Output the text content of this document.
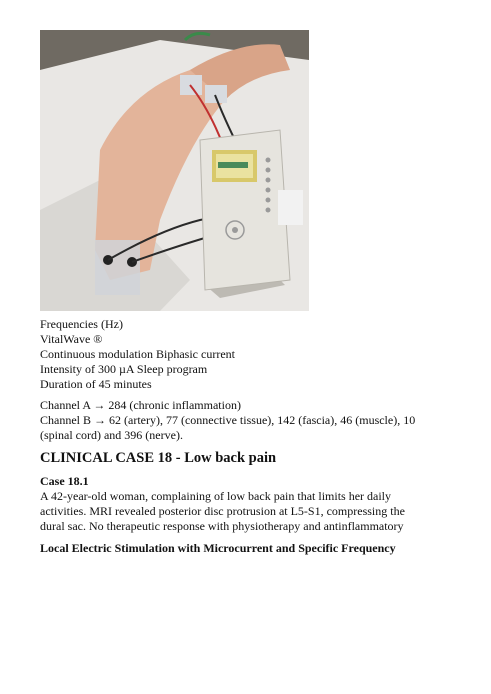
Frequencies (Hz)

VitalWave ®

Continuous modulation Biphasic current

Intensity of 300 µA Sleep program

Duration of 45 minutes

Channel A → 284 (chronic inflammation)

Channel B → 62 (artery), 77 (connective tissue), 142 (fascia), 46 (muscle), 10

(spinal cord) and 396 (nerve).

CLINICAL CASE 18 - Low back pain

Case 18.1

A 42-year-old woman, complaining of low back pain that limits her daily

activities. MRI revealed posterior disc protrusion at L5-S1, compressing the

dural sac. No therapeutic response with physiotherapy and antinflammatory

Local Electric Stimulation with Microcurrent and Specific Frequency
